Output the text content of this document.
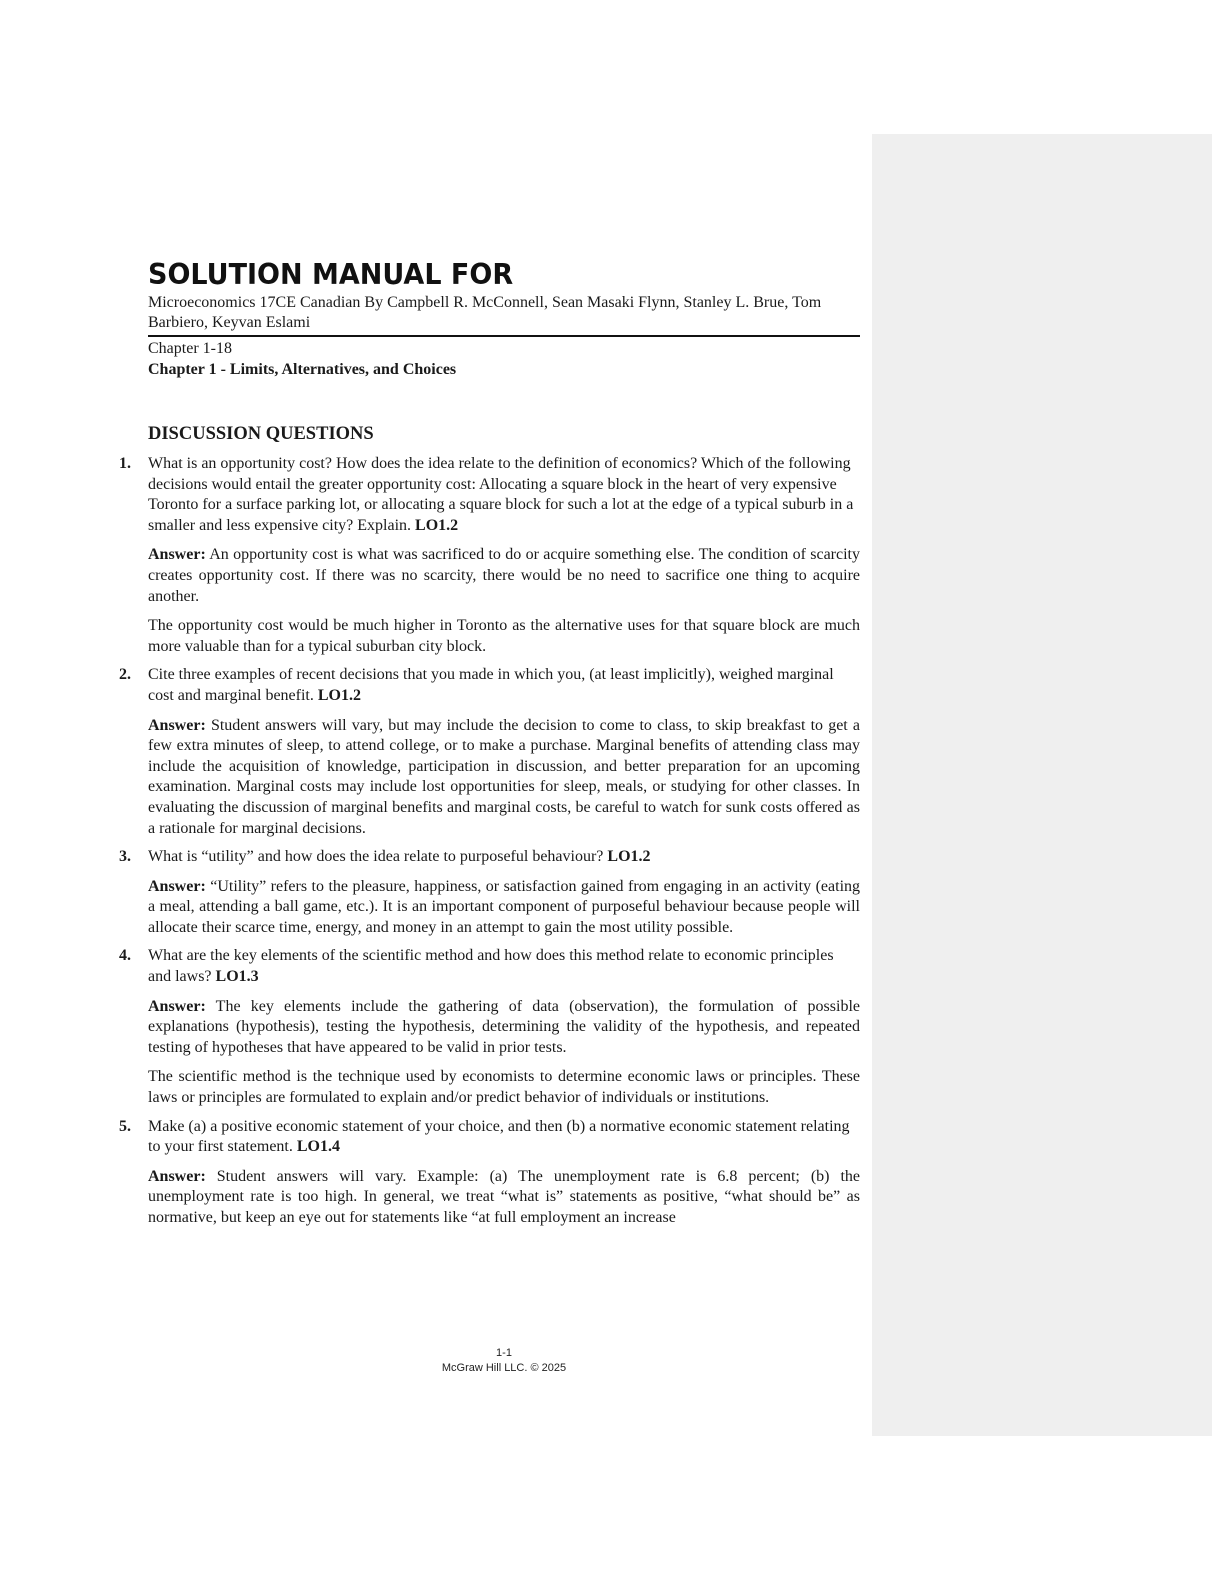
SOLUTION MANUAL FOR
Microeconomics 17CE Canadian By Campbell R. McConnell, Sean Masaki Flynn, Stanley L. Brue, Tom Barbiero, Keyvan Eslami
Chapter 1-18
Chapter 1 - Limits, Alternatives, and Choices
DISCUSSION QUESTIONS
1. What is an opportunity cost? How does the idea relate to the definition of economics? Which of the following decisions would entail the greater opportunity cost: Allocating a square block in the heart of very expensive Toronto for a surface parking lot, or allocating a square block for such a lot at the edge of a typical suburb in a smaller and less expensive city? Explain. LO1.2
Answer: An opportunity cost is what was sacrificed to do or acquire something else. The condition of scarcity creates opportunity cost. If there was no scarcity, there would be no need to sacrifice one thing to acquire another.
The opportunity cost would be much higher in Toronto as the alternative uses for that square block are much more valuable than for a typical suburban city block.
2. Cite three examples of recent decisions that you made in which you, (at least implicitly), weighed marginal cost and marginal benefit. LO1.2
Answer: Student answers will vary, but may include the decision to come to class, to skip breakfast to get a few extra minutes of sleep, to attend college, or to make a purchase. Marginal benefits of attending class may include the acquisition of knowledge, participation in discussion, and better preparation for an upcoming examination. Marginal costs may include lost opportunities for sleep, meals, or studying for other classes. In evaluating the discussion of marginal benefits and marginal costs, be careful to watch for sunk costs offered as a rationale for marginal decisions.
3. What is “utility” and how does the idea relate to purposeful behaviour? LO1.2
Answer: “Utility” refers to the pleasure, happiness, or satisfaction gained from engaging in an activity (eating a meal, attending a ball game, etc.). It is an important component of purposeful behaviour because people will allocate their scarce time, energy, and money in an attempt to gain the most utility possible.
4. What are the key elements of the scientific method and how does this method relate to economic principles and laws? LO1.3
Answer: The key elements include the gathering of data (observation), the formulation of possible explanations (hypothesis), testing the hypothesis, determining the validity of the hypothesis, and repeated testing of hypotheses that have appeared to be valid in prior tests.
The scientific method is the technique used by economists to determine economic laws or principles. These laws or principles are formulated to explain and/or predict behavior of individuals or institutions.
5. Make (a) a positive economic statement of your choice, and then (b) a normative economic statement relating to your first statement. LO1.4
Answer: Student answers will vary. Example: (a) The unemployment rate is 6.8 percent; (b) the unemployment rate is too high. In general, we treat “what is” statements as positive, “what should be” as normative, but keep an eye out for statements like “at full employment an increase
1-1
McGraw Hill LLC. © 2025
